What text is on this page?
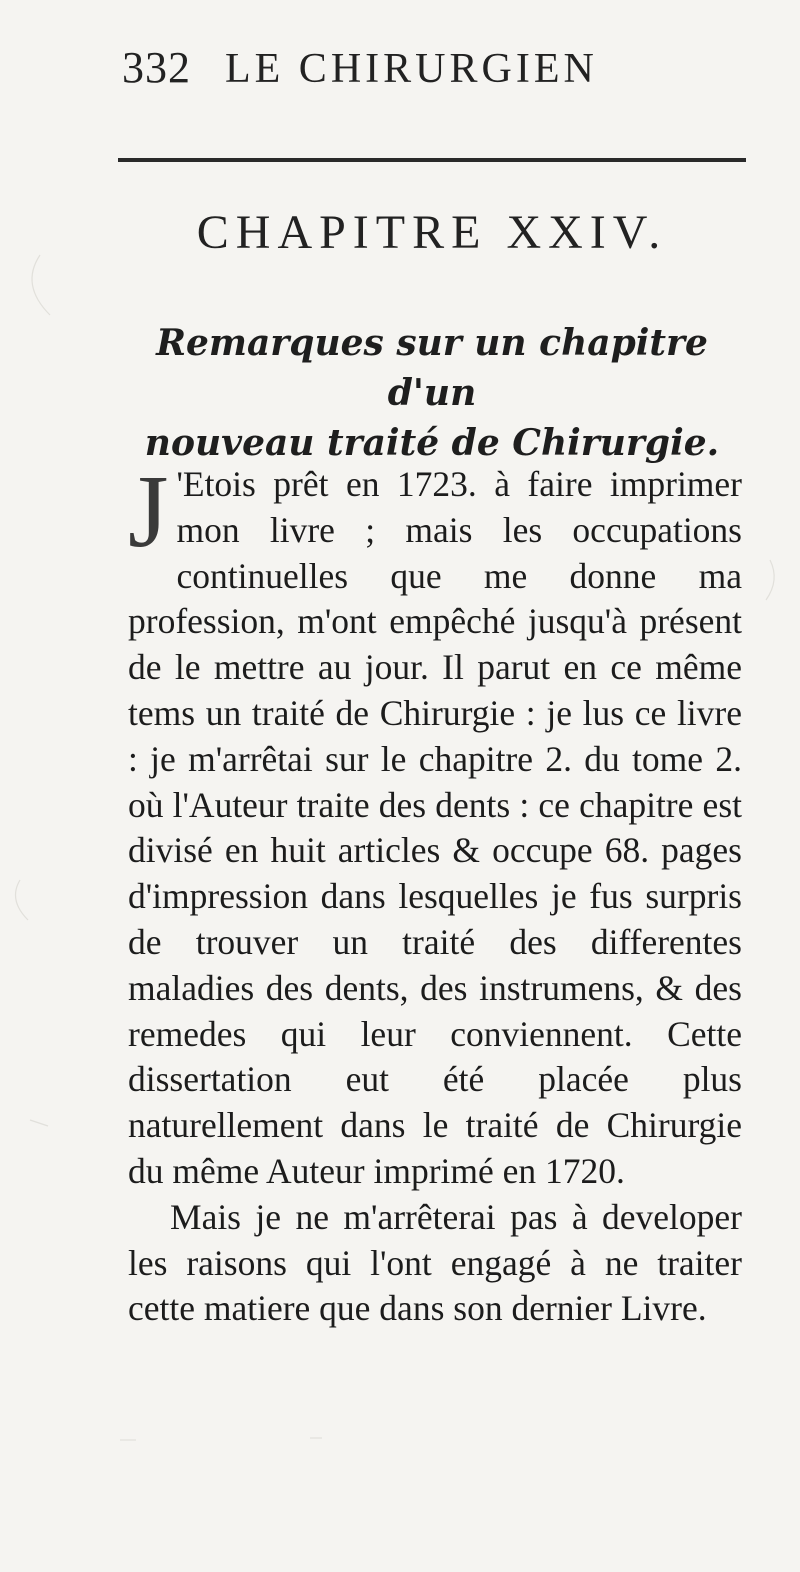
332 LE CHIRURGIEN
CHAPITRE XXIV.
Remarques sur un chapitre d'un
nouveau traité de Chirurgie.

J 'Etois prêt en 1723. à faire imprimer mon livre ; mais les occupations continuelles que me donne ma profession, m'ont empêché jusqu'à présent de le mettre au jour. Il parut en ce même tems un traité de Chirurgie : je lus ce livre : je m'arrêtai sur le chapitre 2. du tome 2. où l'Auteur traite des dents : ce chapitre est divisé en huit articles & occupe 68. pages d'impression dans lesquelles je fus surpris de trouver un traité des differentes maladies des dents, des instrumens, & des remedes qui leur conviennent. Cette dissertation eut été placée plus naturellement dans le traité de Chirurgie du même Auteur imprimé en 1720.

Mais je ne m'arrêterai pas à developer les raisons qui l'ont engagé à ne traiter cette matiere que dans son dernier Livre.
